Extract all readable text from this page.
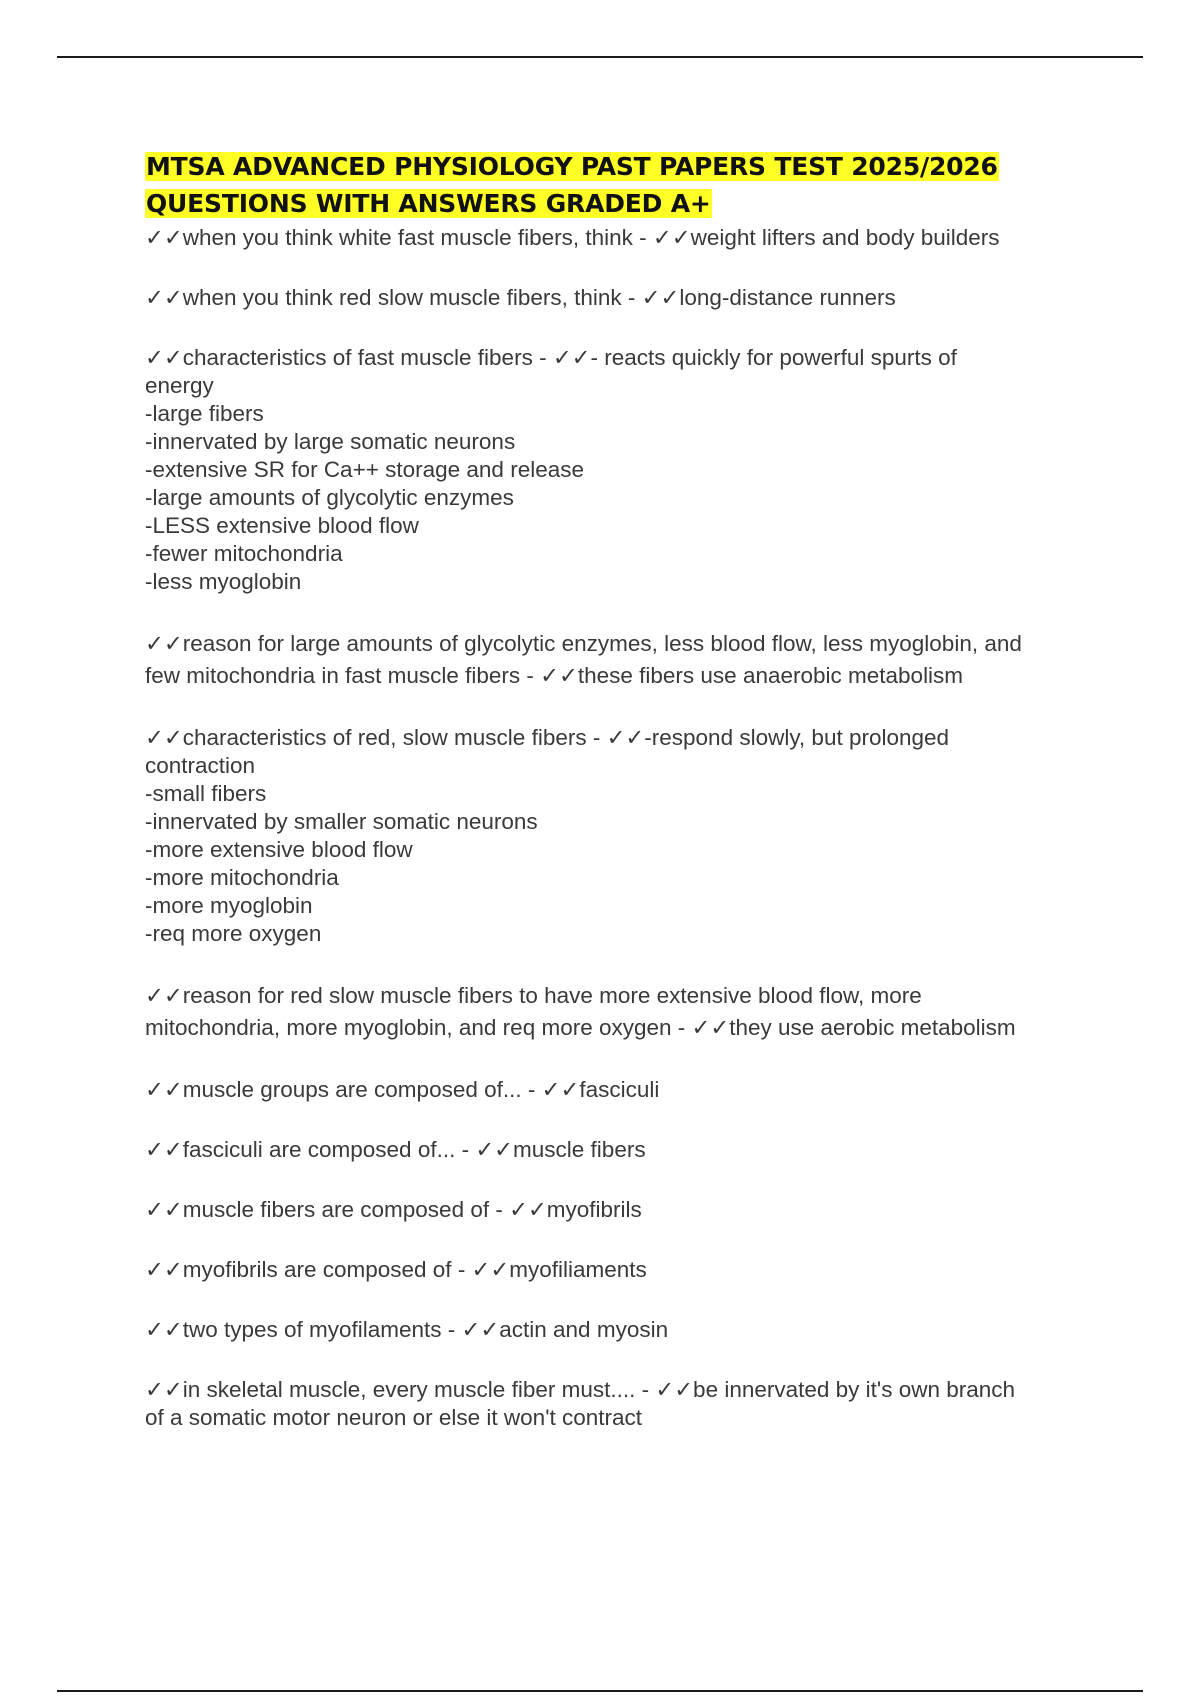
MTSA ADVANCED PHYSIOLOGY PAST PAPERS TEST 2025/2026
QUESTIONS WITH ANSWERS GRADED A+

✓✓when you think white fast muscle fibers, think - ✓✓weight lifters and body builders

✓✓when you think red slow muscle fibers, think - ✓✓long-distance runners

✓✓characteristics of fast muscle fibers - ✓✓- reacts quickly for powerful spurts of
energy
-large fibers
-innervated by large somatic neurons
-extensive SR for Ca++ storage and release
-large amounts of glycolytic enzymes
-LESS extensive blood flow
-fewer mitochondria
-less myoglobin

✓✓reason for large amounts of glycolytic enzymes, less blood flow, less myoglobin, and
few mitochondria in fast muscle fibers - ✓✓these fibers use anaerobic metabolism

✓✓characteristics of red, slow muscle fibers - ✓✓-respond slowly, but prolonged
contraction
-small fibers
-innervated by smaller somatic neurons
-more extensive blood flow
-more mitochondria
-more myoglobin
-req more oxygen

✓✓reason for red slow muscle fibers to have more extensive blood flow, more
mitochondria, more myoglobin, and req more oxygen - ✓✓they use aerobic metabolism

✓✓muscle groups are composed of... - ✓✓fasciculi

✓✓fasciculi are composed of... - ✓✓muscle fibers

✓✓muscle fibers are composed of - ✓✓myofibrils

✓✓myofibrils are composed of - ✓✓myofiliaments

✓✓two types of myofilaments - ✓✓actin and myosin

✓✓in skeletal muscle, every muscle fiber must.... - ✓✓be innervated by it's own branch
of a somatic motor neuron or else it won't contract
